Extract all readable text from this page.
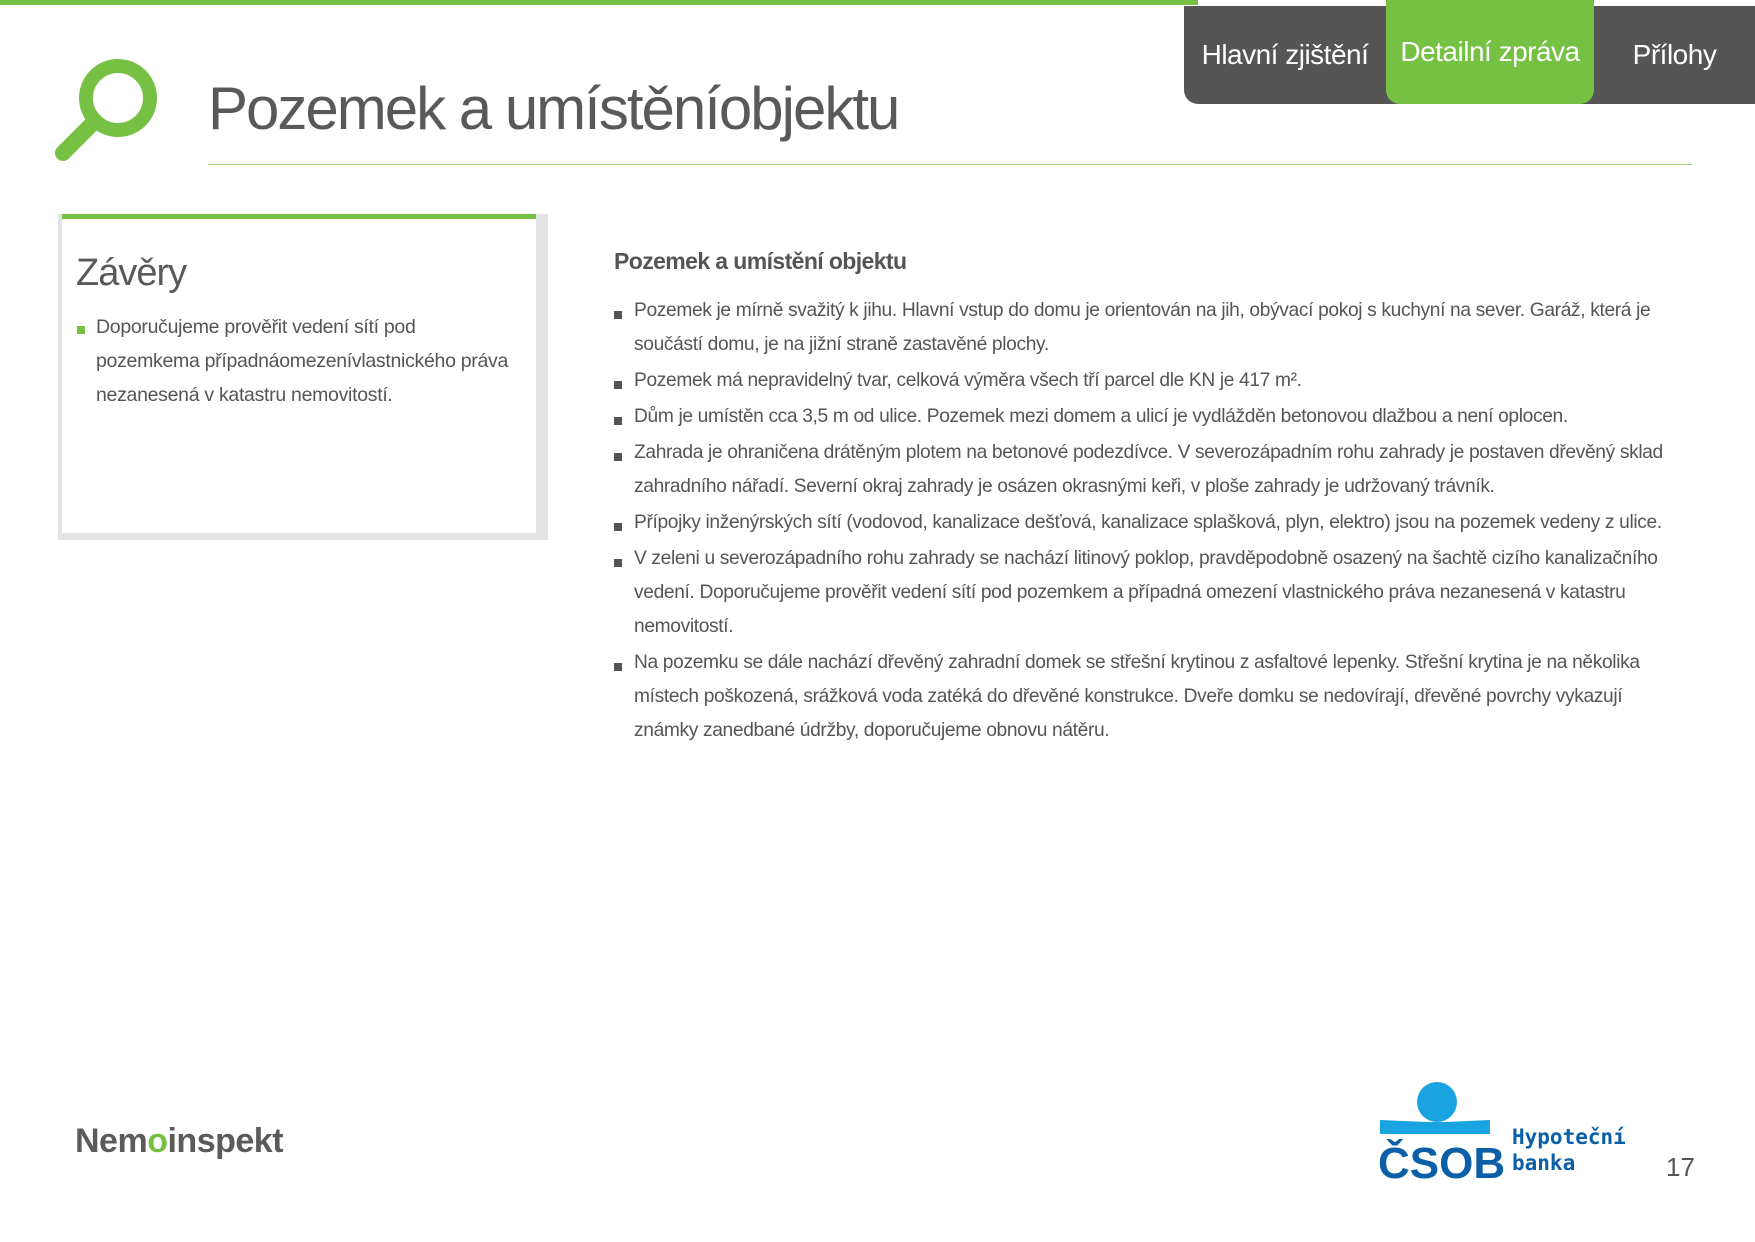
Hlavní zjištění	Detailní zpráva	Přílohy
Pozemek a umístěníobjektu
Závěry
Doporučujeme prověřit vedení sítí pod pozemkema případnáomezenívlastnického práva nezanesená v katastru nemovitostí.
Pozemek a umístění objektu
Pozemek je mírně svažitý k jihu. Hlavní vstup do domu je orientován na jih, obývací pokoj s kuchyní na sever. Garáž, která je součástí domu, je na jižní straně zastavěné plochy.
Pozemek má nepravidelný tvar, celková výměra všech tří parcel dle KN je 417 m².
Dům je umístěn cca 3,5 m od ulice. Pozemek mezi domem a ulicí je vydlážděn betonovou dlažbou a není oplocen.
Zahrada je ohraničena drátěným plotem na betonové podezdívce. V severozápadním rohu zahrady je postaven dřevěný sklad zahradního nářadí. Severní okraj zahrady je osázen okrasnými keři, v ploše zahrady je udržovaný trávník.
Přípojky inženýrských sítí (vodovod, kanalizace dešťová, kanalizace splašková, plyn, elektro) jsou na pozemek vedeny z ulice.
V zeleni u severozápadního rohu zahrady se nachází litinový poklop, pravděpodobně osazený na šachtě cizího kanalizačního vedení. Doporučujeme prověřit vedení sítí pod pozemkem a případná omezení vlastnického práva nezanesená v katastru nemovitostí.
Na pozemku se dále nachází dřevěný zahradní domek se střešní krytinou z asfaltové lepenky. Střešní krytina je na několika místech poškozená, srážková voda zatéká do dřevěné konstrukce. Dveře domku se nedovírají, dřevěné povrchy vykazují známky zanedbané údržby, doporučujeme obnovu nátěru.
Nemoinspekt	ČSOB
Hypoteční
banka	17
